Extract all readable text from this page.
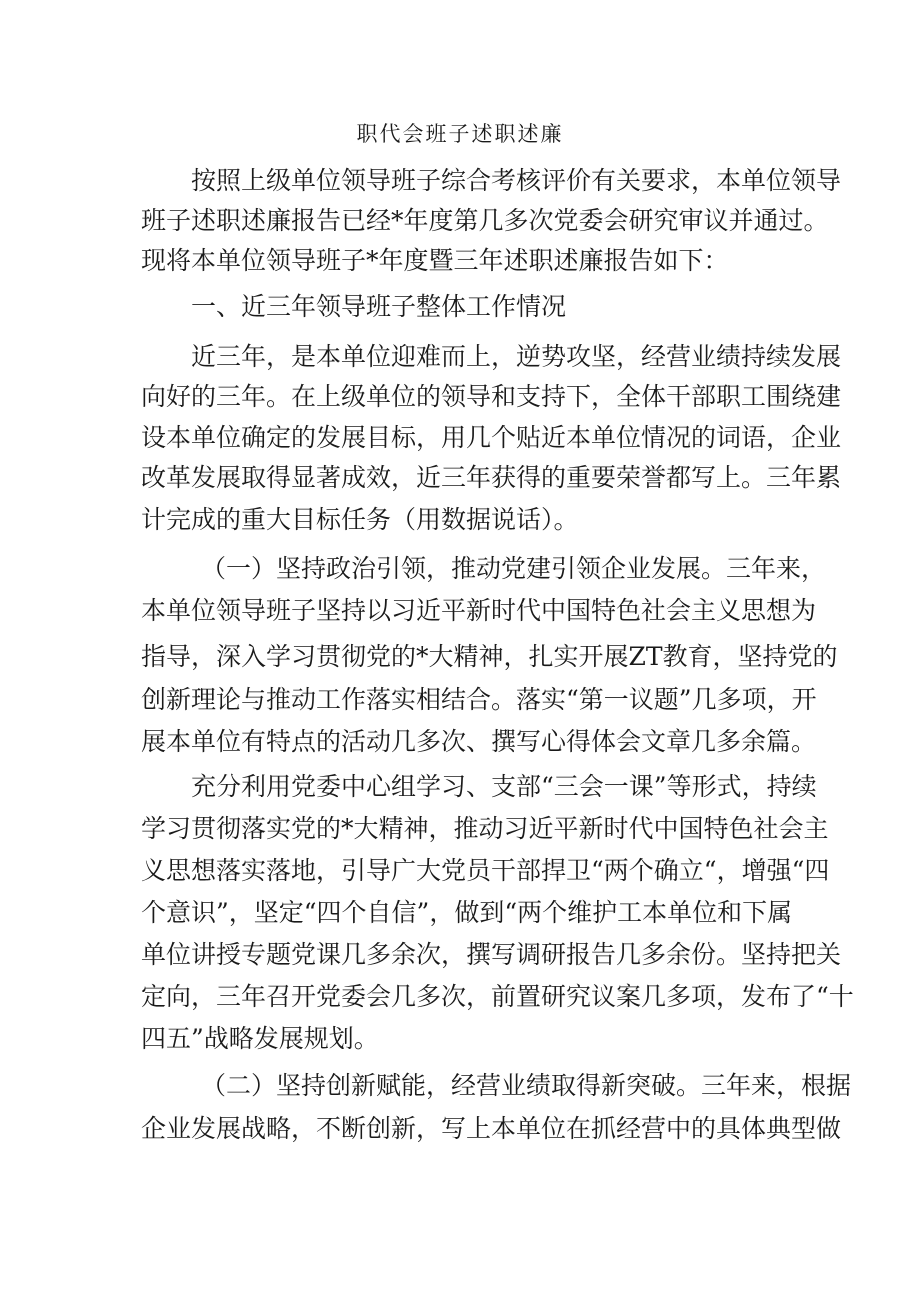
职代会班子述职述廉
按照上级单位领导班子综合考核评价有关要求，本单位领导
班子述职述廉报告已经*年度第几多次党委会研究审议并通过。
现将本单位领导班子*年度暨三年述职述廉报告如下：
一、近三年领导班子整体工作情况
近三年，是本单位迎难而上，逆势攻坚，经营业绩持续发展
向好的三年。在上级单位的领导和支持下，全体干部职工围绕建
设本单位确定的发展目标，用几个贴近本单位情况的词语，企业
改革发展取得显著成效，近三年获得的重要荣誉都写上。三年累
计完成的重大目标任务（用数据说话）。
（一）坚持政治引领，推动党建引领企业发展。三年来，
本单位领导班子坚持以习近平新时代中国特色社会主义思想为
指导，深入学习贯彻党的*大精神，扎实开展ZT教育，坚持党的
创新理论与推动工作落实相结合。落实“第一议题”几多项，开
展本单位有特点的活动几多次、撰写心得体会文章几多余篇。
充分利用党委中心组学习、支部“三会一课”等形式，持续
学习贯彻落实党的*大精神，推动习近平新时代中国特色社会主
义思想落实落地，引导广大党员干部捍卫“两个确立“，增强“四
个意识”，坚定“四个自信”，做到“两个维护工本单位和下属
单位讲授专题党课几多余次，撰写调研报告几多余份。坚持把关
定向，三年召开党委会几多次，前置研究议案几多项，发布了“十
四五”战略发展规划。
（二）坚持创新赋能，经营业绩取得新突破。三年来，根据
企业发展战略，不断创新，写上本单位在抓经营中的具体典型做
